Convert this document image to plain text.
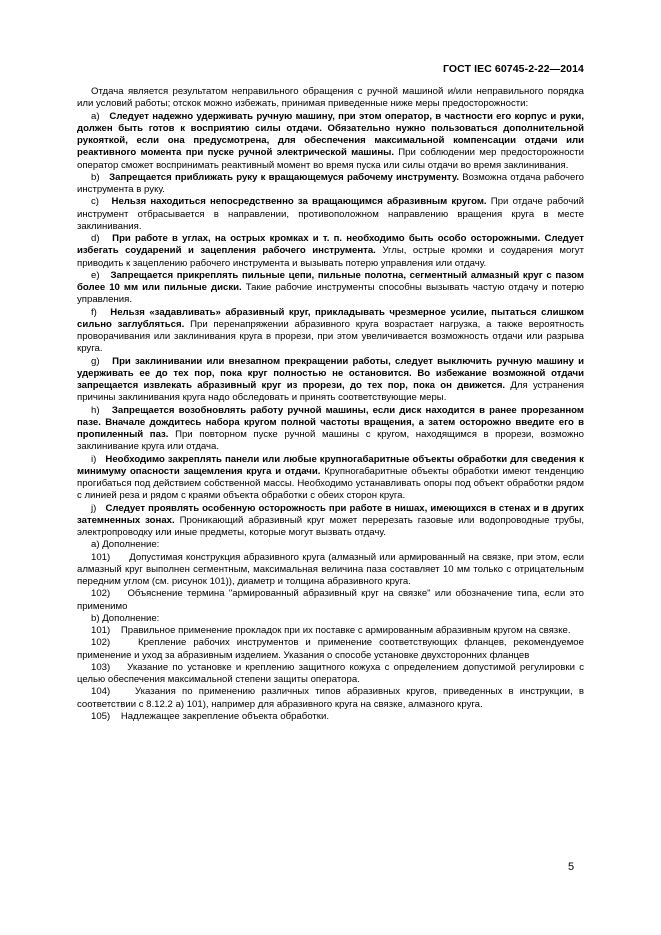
ГОСТ IEC 60745-2-22—2014

Отдача является результатом неправильного обращения с ручной машиной и/или неправильного порядка или условий работы; отскок можно избежать, принимая приведенные ниже меры предосторожности:

a) Следует надежно удерживать ручную машину, при этом оператор, в частности его корпус и руки, должен быть готов к восприятию силы отдачи. Обязательно нужно пользоваться дополнительной рукояткой, если она предусмотрена, для обеспечения максимальной компенсации отдачи или реактивного момента при пуске ручной электрической машины. При соблюдении мер предосторожности оператор сможет воспринимать реактивный момент во время пуска или силы отдачи во время заклинивания.

b) Запрещается приближать руку к вращающемуся рабочему инструменту. Возможна отдача рабочего инструмента в руку.

c) Нельзя находиться непосредственно за вращающимся абразивным кругом. При отдаче рабочий инструмент отбрасывается в направлении, противоположном направлению вращения круга в месте заклинивания.

d) При работе в углах, на острых кромках и т. п. необходимо быть особо осторожными. Следует избегать соударений и зацепления рабочего инструмента. Углы, острые кромки и соударения могут приводить к зацеплению рабочего инструмента и вызывать потерю управления или отдачу.

e) Запрещается прикреплять пильные цепи, пильные полотна, сегментный алмазный круг с пазом более 10 мм или пильные диски. Такие рабочие инструменты способны вызывать частую отдачу и потерю управления.

f) Нельзя «задавливать» абразивный круг, прикладывать чрезмерное усилие, пытаться слишком сильно заглубляться. При перенапряжении абразивного круга возрастает нагрузка, а также вероятность проворачивания или заклинивания круга в прорези, при этом увеличивается возможность отдачи или разрыва круга.

g) При заклинивании или внезапном прекращении работы, следует выключить ручную машину и удерживать ее до тех пор, пока круг полностью не остановится. Во избежание возможной отдачи запрещается извлекать абразивный круг из прорези, до тех пор, пока он движется. Для устранения причины заклинивания круга надо обследовать и принять соответствующие меры.

h) Запрещается возобновлять работу ручной машины, если диск находится в ранее прорезанном пазе. Вначале дождитесь набора кругом полной частоты вращения, а затем осторожно введите его в пропиленный паз. При повторном пуске ручной машины с кругом, находящимся в прорези, возможно заклинивание круга или отдача.

i) Необходимо закреплять панели или любые крупногабаритные объекты обработки для сведения к минимуму опасности защемления круга и отдачи. Крупногабаритные объекты обработки имеют тенденцию прогибаться под действием собственной массы. Необходимо устанавливать опоры под объект обработки рядом с линией реза и рядом с краями объекта обработки с обеих сторон круга.

j) Следует проявлять особенную осторожность при работе в нишах, имеющихся в стенах и в других затемненных зонах. Проникающий абразивный круг может перерезать газовые или водопроводные трубы, электропроводку или иные предметы, которые могут вызвать отдачу.

a) Дополнение:

101) Допустимая конструкция абразивного круга (алмазный или армированный на связке, при этом, если алмазный круг выполнен сегментным, максимальная величина паза составляет 10 мм только с отрицательным передним углом (см. рисунок 101)), диаметр и толщина абразивного круга.

102) Объяснение термина "армированный абразивный круг на связке" или обозначение типа, если это применимо

b) Дополнение:

101) Правильное применение прокладок при их поставке с армированным абразивным кругом на связке.

102)	Крепление рабочих инструментов и применение соответствующих фланцев, рекомендуемое применение и уход за абразивным изделием. Указания о способе установке двухсторонних фланцев

103) Указание по установке и креплению защитного кожуха с определением допустимой регулировки с целью обеспечения максимальной степени защиты оператора.

104)	Указания по применению различных типов абразивных кругов, приведенных в инструкции, в соответствии с 8.12.2 а) 101), например для абразивного круга на связке, алмазного круга.

105) Надлежащее закрепление объекта обработки.

5
